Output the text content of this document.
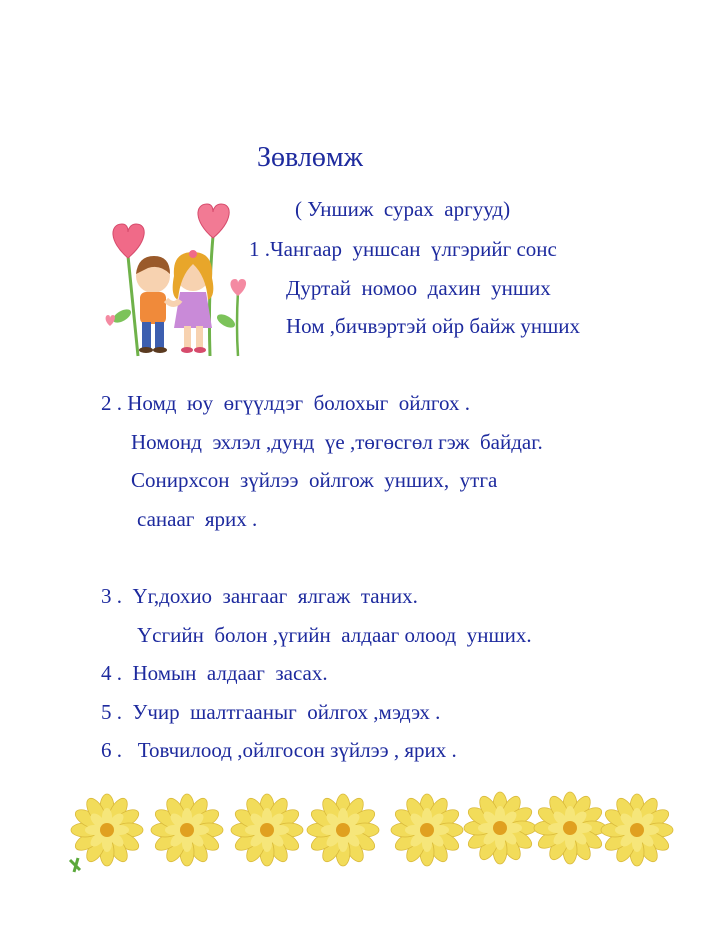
Зөвлөмж
( Уншиж  сурах  аргууд)
1 .Чангаар  уншсан  үлгэрийг сонс
Дуртай  номоо  дахин  унших
Ном ,бичвэртэй ойр байж унших
2 . Номд  юу  өгүүлдэг  болохыг  ойлгох .
Номонд  эхлэл ,дунд  үе ,төгөсгөл гэж  байдаг.
Сонирхсон  зүйлээ  ойлгож  унших,  утга
санааг  ярих .
3 .  Үг,дохио  зангааг  ялгаж  таних.
Үсгийн  болон ,үгийн  алдааг олоод  унших.
4 .  Номын  алдааг  засах.
5 .  Учир  шалтгааныг  ойлгох ,мэдэх .
6 .   Товчилоод ,ойлгосон зүйлээ , ярих .
